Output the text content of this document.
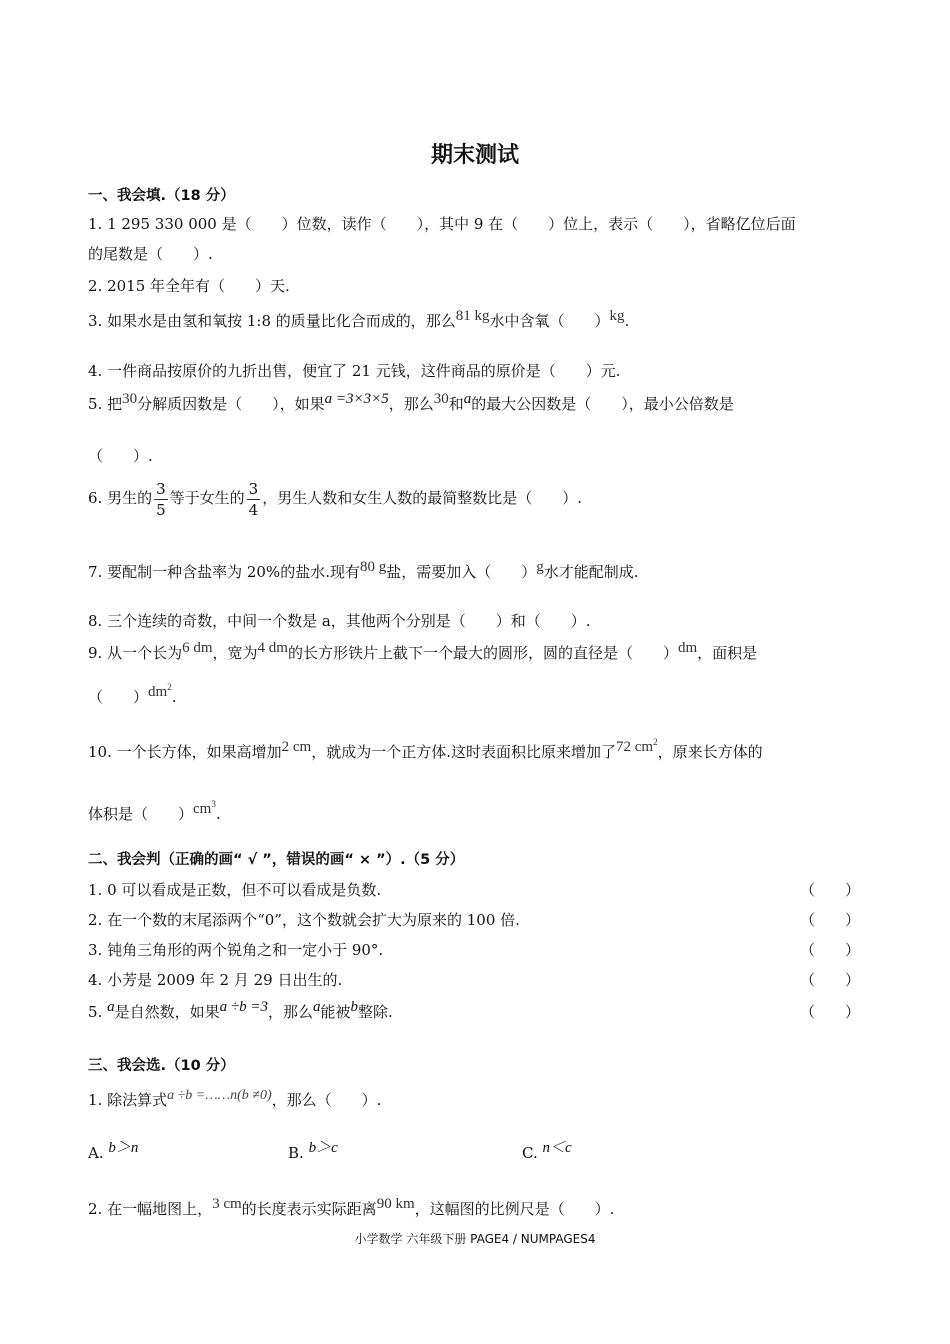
期末测试
一、我会填.（18 分）
1. 1 295 330 000 是（　　）位数，读作（　　），其中 9 在（　　）位上，表示（　　），省略亿位后面
的尾数是（　　）.
2. 2015 年全年有（　　）天.
3. 如果水是由氢和氧按 1:8 的质量比化合而成的，那么81 kg水中含氧（　　）kg.
4. 一件商品按原价的九折出售，便宜了 21 元钱，这件商品的原价是（　　）元.
5. 把30分解质因数是（　　），如果a =3×3×5，那么30和a的最大公因数是（　　），最小公倍数是
（　　）.
6. 男生的 $\frac{3}{5}$ 等于女生的 $\frac{3}{4}$ ，男生人数和女生人数的最简整数比是（　　）.
7. 要配制一种含盐率为 20%的盐水.现有80 g盐，需要加入（　　）g水才能配制成.
8. 三个连续的奇数，中间一个数是 a，其他两个分别是（　　）和（　　）.
9. 从一个长为6 dm，宽为4 dm的长方形铁片上截下一个最大的圆形，圆的直径是（　　）dm，面积是
（　　）$dm^2$.
10. 一个长方体，如果高增加2 cm，就成为一个正方体.这时表面积比原来增加了72 $cm^2$，原来长方体的
体积是（　　）$cm^3$.
二、我会判（正确的画“ √ ”，错误的画“ × ”）.（5 分）
1. 0 可以看成是正数，但不可以看成是负数.	（　　）
2. 在一个数的末尾添两个“0”，这个数就会扩大为原来的 100 倍.	（　　）
3. 钝角三角形的两个锐角之和一定小于 90°.	（　　）
4. 小芳是 2009 年 2 月 29 日出生的.	（　　）
5. a是自然数，如果a ÷b =3，那么a能被b整除.	（　　）
三、我会选.（10 分）
1. 除法算式a ÷b =……n(b ≠0)，那么（　　）.
A. b＞n	B. b＞c	C. n＜c
2. 在一幅地图上，3 cm的长度表示实际距离90 km，这幅图的比例尺是（　　）.
小学数学 六年级下册 PAGE4 / NUMPAGES4
